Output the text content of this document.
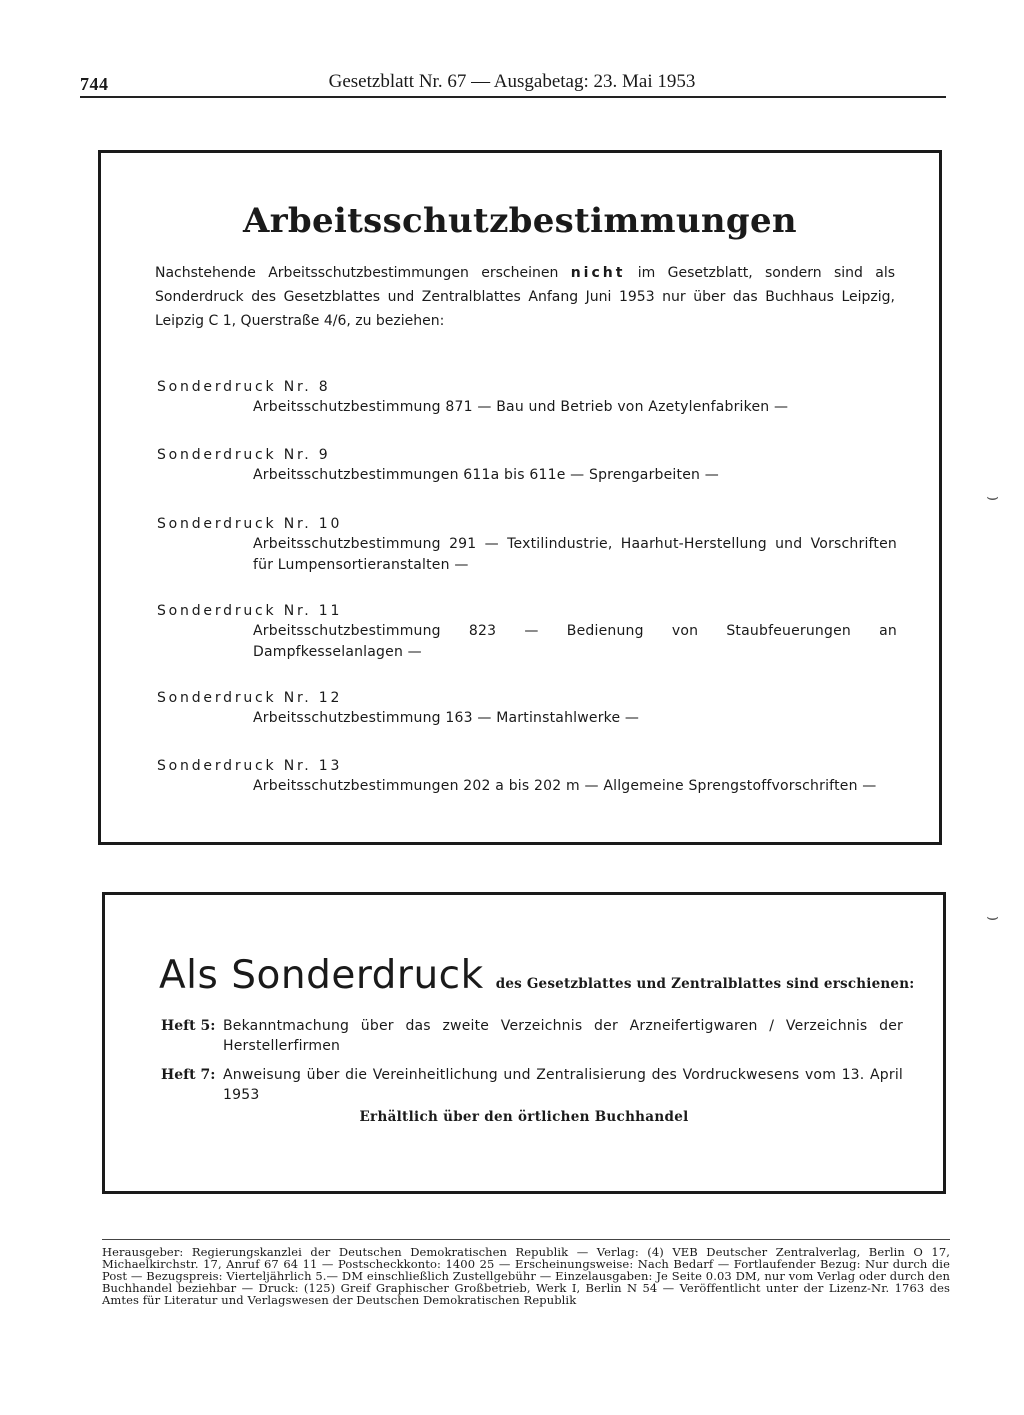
744	Gesetzblatt Nr. 67 — Ausgabetag: 23. Mai 1953
Arbeitsschutzbestimmungen
Nachstehende Arbeitsschutzbestimmungen erscheinen nicht im Gesetzblatt, sondern sind als Sonderdruck des Gesetzblattes und Zentralblattes Anfang Juni 1953 nur über das Buchhaus Leipzig, Leipzig C 1, Querstraße 4/6, zu beziehen:
Sonderdruck Nr. 8
Arbeitsschutzbestimmung 871 — Bau und Betrieb von Azetylenfabriken —
Sonderdruck Nr. 9
Arbeitsschutzbestimmungen 611a bis 611e — Sprengarbeiten —
Sonderdruck Nr. 10
Arbeitsschutzbestimmung 291 — Textilindustrie, Haarhut-Herstellung und Vorschriften für Lumpensortieranstalten —
Sonderdruck Nr. 11
Arbeitsschutzbestimmung 823 — Bedienung von Staubfeuerungen an Dampfkesselanlagen —
Sonderdruck Nr. 12
Arbeitsschutzbestimmung 163 — Martinstahlwerke —
Sonderdruck Nr. 13
Arbeitsschutzbestimmungen 202 a bis 202 m — Allgemeine Sprengstoffvorschriften —
Als Sonderdruck des Gesetzblattes und Zentralblattes sind erschienen:
Heft 5: Bekanntmachung über das zweite Verzeichnis der Arzneifertigwaren / Verzeichnis der Herstellerfirmen
Heft 7: Anweisung über die Vereinheitlichung und Zentralisierung des Vordruckwesens vom 13. April 1953
Erhältlich über den örtlichen Buchhandel
Herausgeber: Regierungskanzlei der Deutschen Demokratischen Republik — Verlag: (4) VEB Deutscher Zentralverlag, Berlin O 17, Michaelkirchstr. 17, Anruf 67 64 11 — Postscheckkonto: 1400 25 — Erscheinungsweise: Nach Bedarf — Fortlaufender Bezug: Nur durch die Post — Bezugspreis: Vierteljährlich 5.— DM einschließlich Zustellgebühr — Einzelausgaben: Je Seite 0.03 DM, nur vom Verlag oder durch den Buchhandel beziehbar — Druck: (125) Greif Graphischer Großbetrieb, Werk I, Berlin N 54 — Veröffentlicht unter der Lizenz-Nr. 1763 des Amtes für Literatur und Verlagswesen der Deutschen Demokratischen Republik
⌣
⌣
